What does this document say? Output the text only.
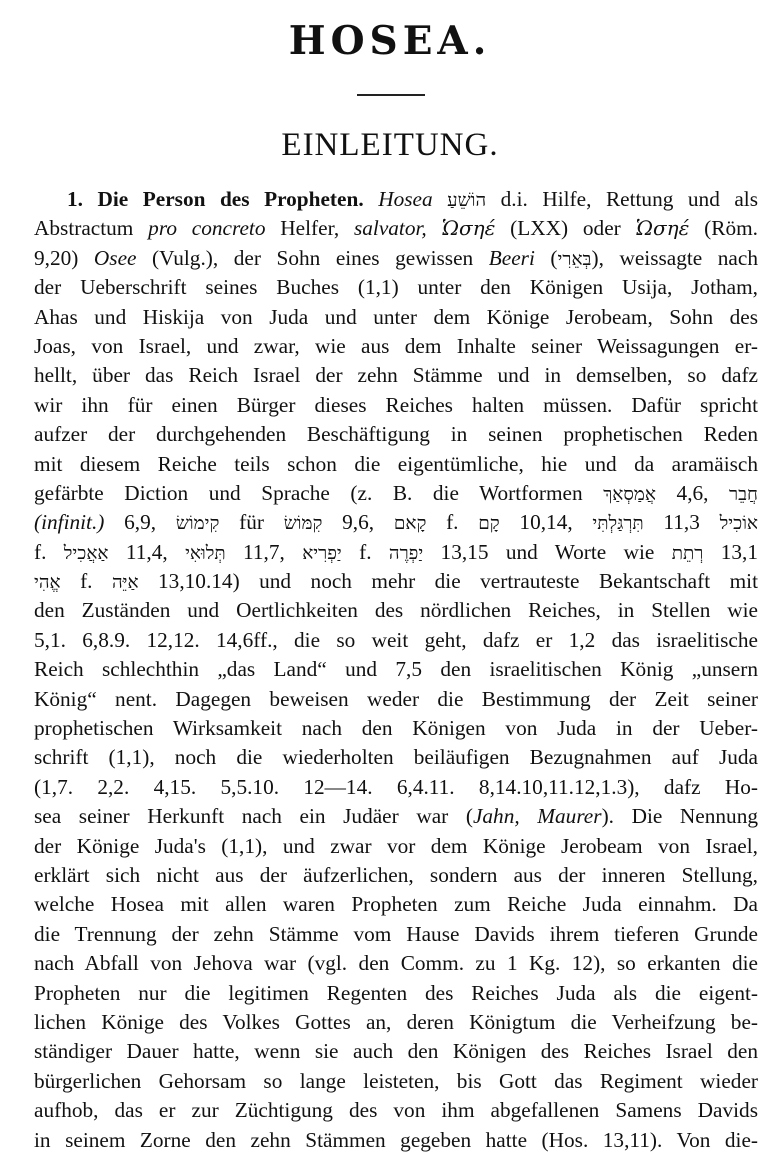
HOSEA.
EINLEITUNG.
1. Die Person des Propheten. Hosea הוֹשֵׁעַ d.i. Hilfe, Rettung und als
Abstractum pro concreto Helfer, salvator, Ὡσηέ (LXX) oder Ὡσηέ (Röm.
9,20) Osee (Vulg.), der Sohn eines gewissen Beeri (בְּאֵרִי), weissagte nach
der Ueberschrift seines Buches (1,1) unter den Königen Usija, Jotham,
Ahas und Hiskija von Juda und unter dem Könige Jerobeam, Sohn des
Joas, von Israel, und zwar, wie aus dem Inhalte seiner Weissagungen er-
hellt, über das Reich Israel der zehn Stämme und in demselben, so dafz
wir ihn für einen Bürger dieses Reiches halten müssen. Dafür spricht
aufzer der durchgehenden Beschäftigung in seinen prophetischen Reden
mit diesem Reiche teils schon die eigentümliche, hie und da aramäisch
gefärbte Diction und Sprache (z. B. die Wortformen אֲמַסְאַךְ 4,6, חֲבֵר
(infinit.) 6,9, קִימוֹשׂ für קִמּוֹשׂ 9,6, קָאם f. קָם 10,14, תִּרְגַּלְתִּי 11,3 אוֹכִיל
f. אַאֲכִיל 11,4, תְּלוּאִי 11,7, יַפְרִיא f. יַפְרֶה 13,15 und Worte wie רְתֵת 13,1
אֱהִי f. אַיֵּה 13,10.14) und noch mehr die vertrauteste Bekantschaft mit
den Zuständen und Oertlichkeiten des nördlichen Reiches, in Stellen wie
5,1. 6,8.9. 12,12. 14,6ff., die so weit geht, dafz er 1,2 das israelitische
Reich schlechthin „das Land“ und 7,5 den israelitischen König „unsern
König“ nent. Dagegen beweisen weder die Bestimmung der Zeit seiner
prophetischen Wirksamkeit nach den Königen von Juda in der Ueber-
schrift (1,1), noch die wiederholten beiläufigen Bezugnahmen auf Juda
(1,7. 2,2. 4,15. 5,5.10. 12—14. 6,4.11. 8,14.10,11.12,1.3), dafz Ho-
sea seiner Herkunft nach ein Judäer war (Jahn, Maurer). Die Nennung
der Könige Juda's (1,1), und zwar vor dem Könige Jerobeam von Israel,
erklärt sich nicht aus der äufzerlichen, sondern aus der inneren Stellung,
welche Hosea mit allen waren Propheten zum Reiche Juda einnahm. Da
die Trennung der zehn Stämme vom Hause Davids ihrem tieferen Grunde
nach Abfall von Jehova war (vgl. den Comm. zu 1 Kg. 12), so erkanten die
Propheten nur die legitimen Regenten des Reiches Juda als die eigent-
lichen Könige des Volkes Gottes an, deren Königtum die Verheifzung be-
ständiger Dauer hatte, wenn sie auch den Königen des Reiches Israel den
bürgerlichen Gehorsam so lange leisteten, bis Gott das Regiment wieder
aufhob, das er zur Züchtigung des von ihm abgefallenen Samens Davids
in seinem Zorne den zehn Stämmen gegeben hatte (Hos. 13,11). Von die-
